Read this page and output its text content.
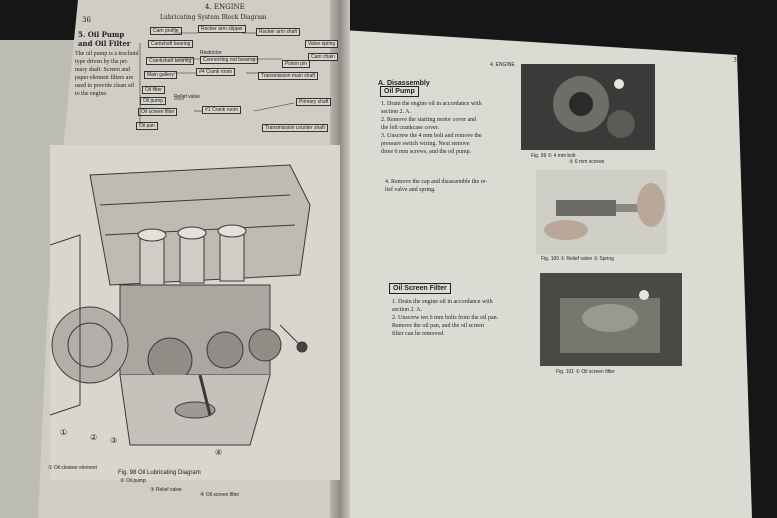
36
4. ENGINE
Lubricating System Block Diagram
5. Oil Pump and Oil Filter
The oil pump is a trochoid
type driven by the pri-
mary shaft. Screen and
paper element filters are
used to provide clean oil
to the engine.
Cam profile	Rocker arm slipper	Rocker arm shaft
Camshaft bearing
Restrictor
Crankshaft bearing	Connecting rod bearing
Piston pin
Main gallery	#4 Crank room
Transmission main shaft
Oil filter
Oil pump
Relief valve
Oil screen filter	#1 Crank room
Oil pan	Transmission counter shaft
Primary shaft
Valve spring
Cam chain
①
② ③
④
Fig. 98 Oil Lubricating Diagram
① Oil cleaner element
② Oil pump
③ Relief valve
④ Oil screen filter
4. ENGINE
37
A. Disassembly
Oil Pump
1. Drain the engine oil in accordance with
section 2. A.
2. Remove the starting motor cover and
the left crankcase cover.
3. Unscrew the 4 mm bolt and remove the
pressure switch wiring. Next remove
three 6 mm screws, and the oil pump.
4. Remove the cap and disassemble the re-
lief valve and spring.
Oil Screen Filter
1. Drain the engine oil in accordance with
section 2. A.
2. Unscrew ten 6 mm bolts from the oil pan.
Remove the oil pan, and the oil screen
filter can be removed.
Fig. 99 ① 4 mm bolt
② 6 mm screws
Fig. 100 ① Relief valve ② Spring
Fig. 101 ① Oil screen filter
